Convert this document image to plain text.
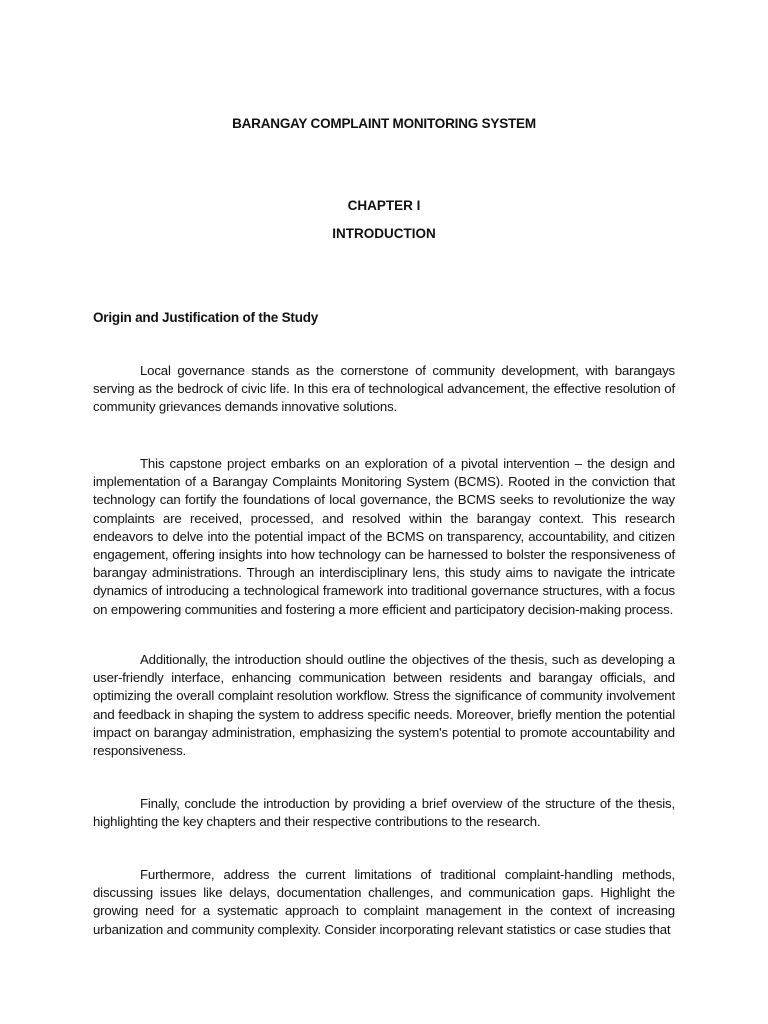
BARANGAY COMPLAINT MONITORING SYSTEM
CHAPTER I
INTRODUCTION
Origin and Justification of the Study

Local governance stands as the cornerstone of community development, with barangays serving as the bedrock of civic life. In this era of technological advancement, the effective resolution of community grievances demands innovative solutions.

This capstone project embarks on an exploration of a pivotal intervention – the design and implementation of a Barangay Complaints Monitoring System (BCMS). Rooted in the conviction that technology can fortify the foundations of local governance, the BCMS seeks to revolutionize the way complaints are received, processed, and resolved within the barangay context. This research endeavors to delve into the potential impact of the BCMS on transparency, accountability, and citizen engagement, offering insights into how technology can be harnessed to bolster the responsiveness of barangay administrations. Through an interdisciplinary lens, this study aims to navigate the intricate dynamics of introducing a technological framework into traditional governance structures, with a focus on empowering communities and fostering a more efficient and participatory decision-making process.

Additionally, the introduction should outline the objectives of the thesis, such as developing a user-friendly interface, enhancing communication between residents and barangay officials, and optimizing the overall complaint resolution workflow. Stress the significance of community involvement and feedback in shaping the system to address specific needs. Moreover, briefly mention the potential impact on barangay administration, emphasizing the system's potential to promote accountability and responsiveness.

Finally, conclude the introduction by providing a brief overview of the structure of the thesis, highlighting the key chapters and their respective contributions to the research.

Furthermore, address the current limitations of traditional complaint-handling methods, discussing issues like delays, documentation challenges, and communication gaps. Highlight the growing need for a systematic approach to complaint management in the context of increasing urbanization and community complexity. Consider incorporating relevant statistics or case studies that
